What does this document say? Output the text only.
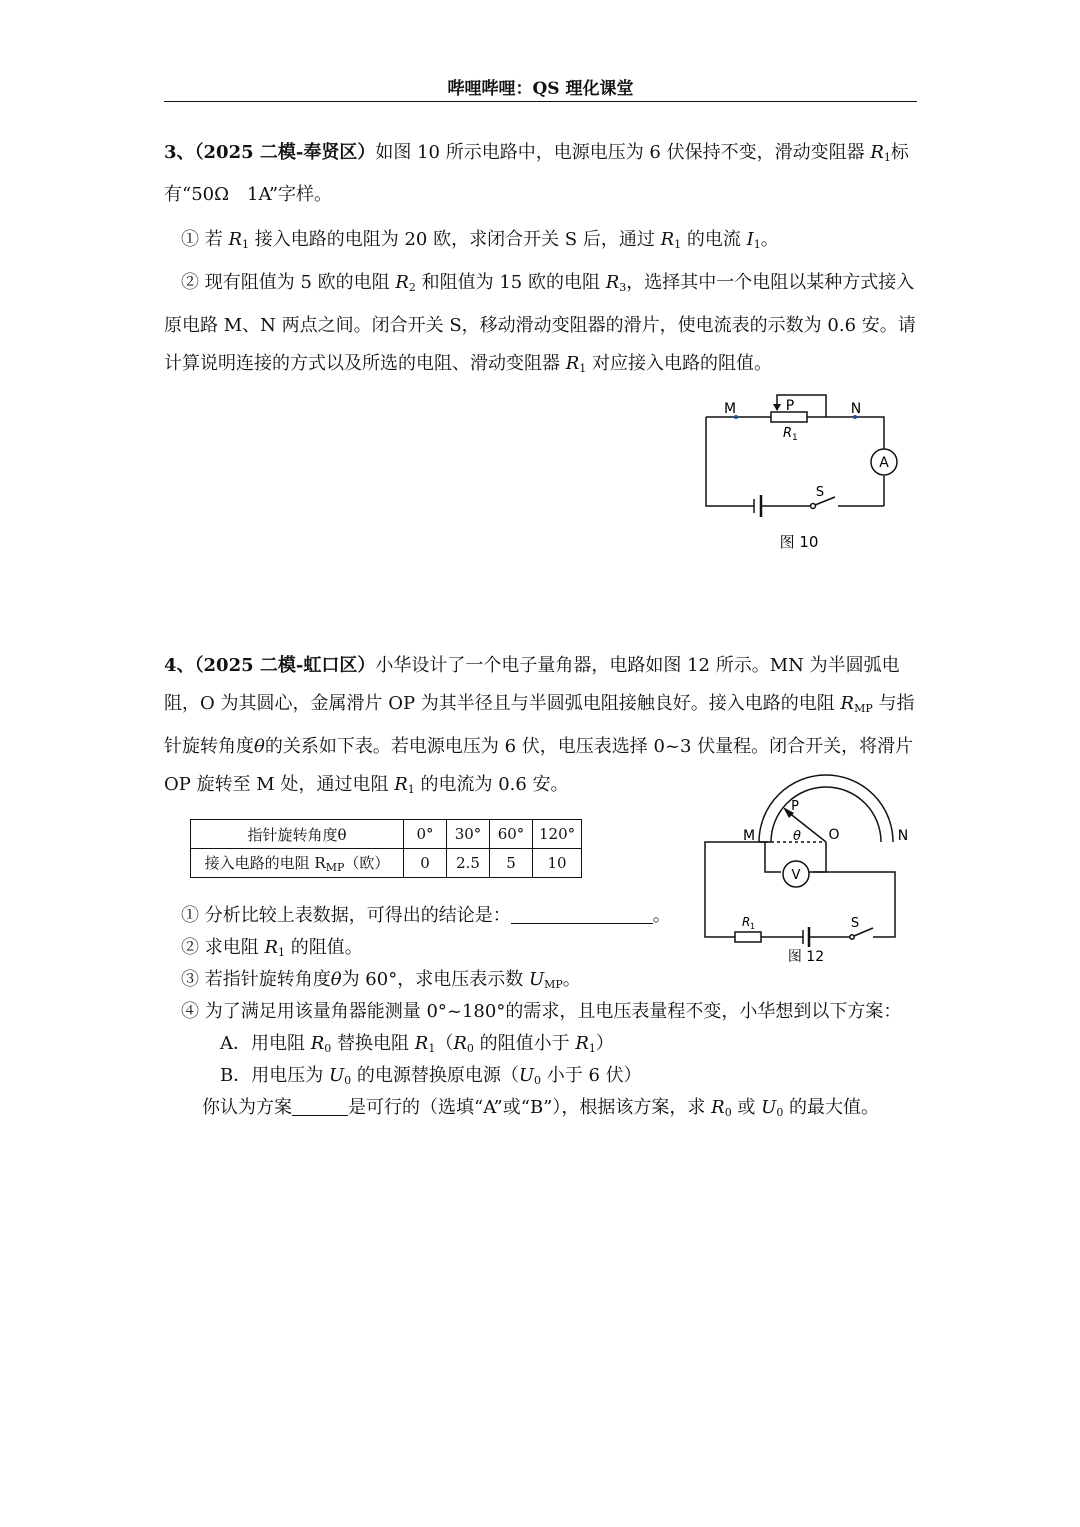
哔哩哔哩：QS 理化课堂

3、（2025 二模-奉贤区）如图 10 所示电路中，电源电压为 6 伏保持不变，滑动变阻器 $R_1$标

有“50Ω　1A”字样。

① 若 $R_1$ 接入电路的电阻为 20 欧，求闭合开关 S 后，通过 $R_1$ 的电流 $I_1$。

② 现有阻值为 5 欧的电阻 $R_2$ 和阻值为 15 欧的电阻 $R_3$，选择其中一个电阻以某种方式接入原电路 M、N 两点之间。闭合开关 S，移动滑动变阻器的滑片，使电流表的示数为 0.6 安。请计算说明连接的方式以及所选的电阻、滑动变阻器 $R_1$ 对应接入电路的阻值。

M	P	N
R 1
A
S
图 10

4、（2025 二模-虹口区）小华设计了一个电子量角器，电路如图 12 所示。MN 为半圆弧电阻，O 为其圆心，金属滑片 OP 为其半径且与半圆弧电阻接触良好。接入电路的电阻 $R_{MP}$ 与指针旋转角度θ的关系如下表。若电源电压为 6 伏，电压表选择 0~3 伏量程。闭合开关，将滑片 OP 旋转至 M 处，通过电阻 $R_1$ 的电流为 0.6 安。

指针旋转角度θ	0°	30°	60°	120°
接入电路的电阻 $R_{MP}$（欧）	0	2.5	5	10
P
M	O	N
θ
V
R 1	S
图 12

① 分析比较上表数据，可得出的结论是：	。

② 求电阻 $R_1$ 的阻值。

③ 若指针旋转角度θ为 60°，求电压表示数 $U_{MP}$。

④ 为了满足用该量角器能测量 0°~180°的需求，且电压表量程不变，小华想到以下方案：

A．用电阻 $R_0$ 替换电阻 $R_1(R_0$ 的阻值小于 $R_1$）

B．用电压为 $U_0$ 的电源替换原电源（$U_0$ 小于 6 伏）

你认为方案	是可行的（选填“A”或“B”），根据该方案，求 $R_0$ 或 $U_0$ 的最大值。
